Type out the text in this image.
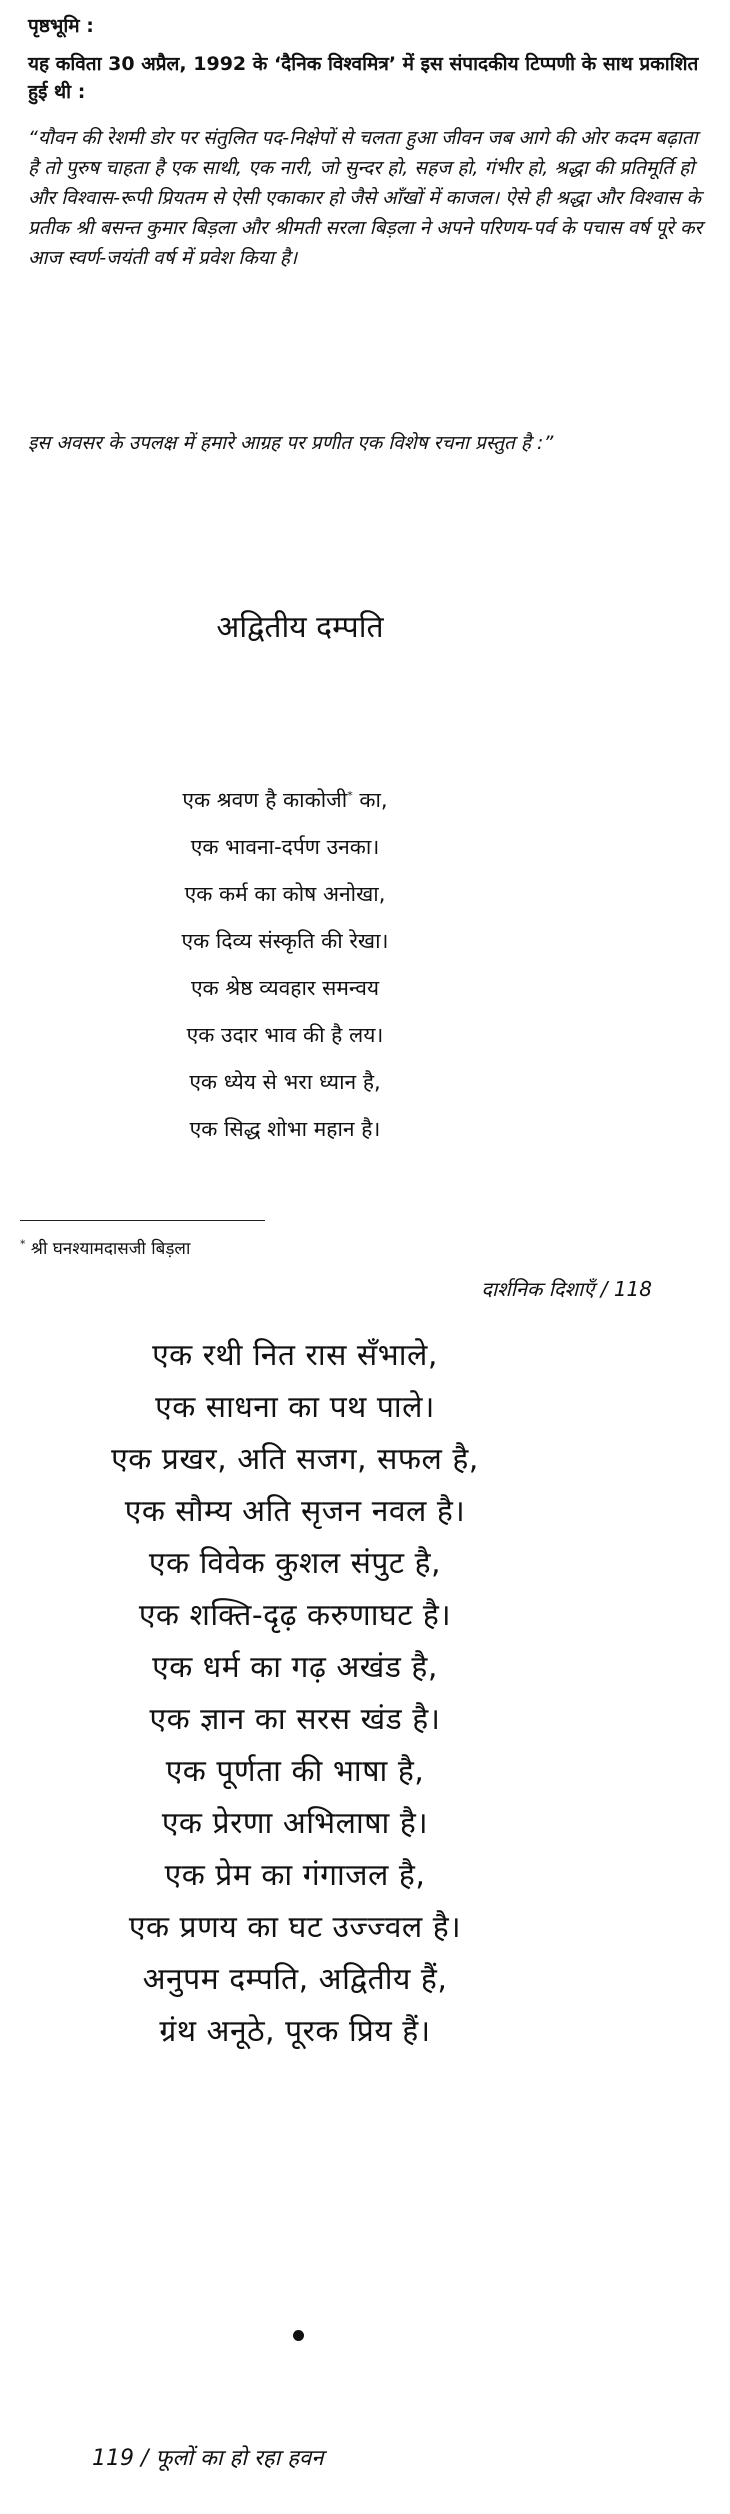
पृष्ठभूमि :
यह कविता 30 अप्रैल, 1992 के ‘दैनिक विश्वमित्र’ में इस संपादकीय टिप्पणी के साथ प्रकाशित हुई थी :
“यौवन की रेशमी डोर पर संतुलित पद-निक्षेपों से चलता हुआ जीवन जब आगे की ओर कदम बढ़ाता है तो पुरुष चाहता है एक साथी, एक नारी, जो सुन्दर हो, सहज हो, गंभीर हो, श्रद्धा की प्रतिमूर्ति हो और विश्वास-रूपी प्रियतम से ऐसी एकाकार हो जैसे आँखों में काजल। ऐसे ही श्रद्धा और विश्वास के प्रतीक श्री बसन्त कुमार बिड़ला और श्रीमती सरला बिड़ला ने अपने परिणय-पर्व के पचास वर्ष पूरे कर आज स्वर्ण-जयंती वर्ष में प्रवेश किया है।
इस अवसर के उपलक्ष में हमारे आग्रह पर प्रणीत एक विशेष रचना प्रस्तुत है :”
अद्वितीय दम्पति
एक श्रवण है काकोजी* का,
एक भावना-दर्पण उनका।
एक कर्म का कोष अनोखा,
एक दिव्य संस्कृति की रेखा।
एक श्रेष्ठ व्यवहार समन्वय
एक उदार भाव की है लय।
एक ध्येय से भरा ध्यान है,
एक सिद्ध शोभा महान है।
* श्री घनश्यामदासजी बिड़ला
दार्शनिक दिशाएँ / 118
एक रथी नित रास सँभाले,
एक साधना का पथ पाले।
एक प्रखर, अति सजग, सफल है,
एक सौम्य अति सृजन नवल है।
एक विवेक कुशल संपुट है,
एक शक्ति-दृढ़ करुणाघट है।
एक धर्म का गढ़ अखंड है,
एक ज्ञान का सरस खंड है।
एक पूर्णता की भाषा है,
एक प्रेरणा अभिलाषा है।
एक प्रेम का गंगाजल है,
एक प्रणय का घट उज्ज्वल है।
अनुपम दम्पति, अद्वितीय हैं,
ग्रंथ अनूठे, पूरक प्रिय हैं।
119 / फूलों का हो रहा हवन
